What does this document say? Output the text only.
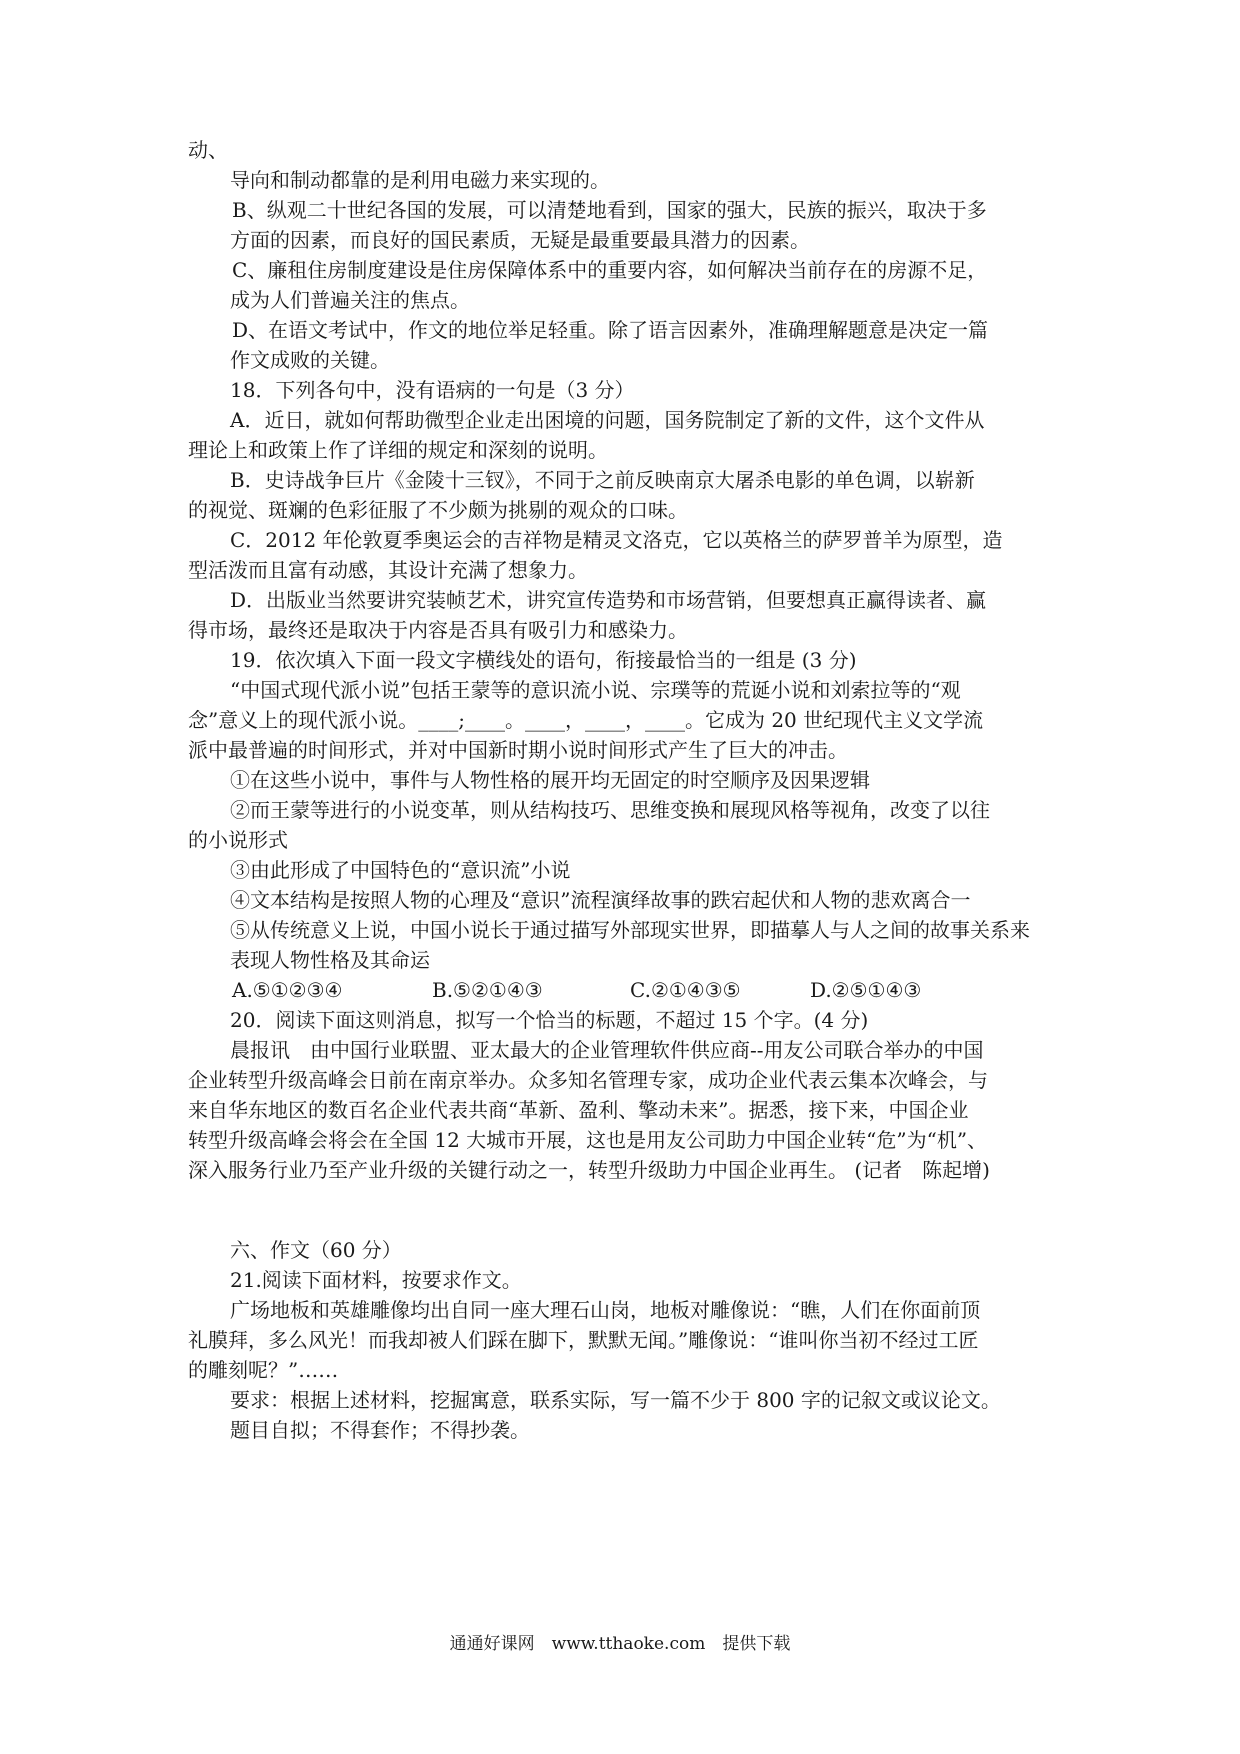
动、
导向和制动都靠的是利用电磁力来实现的。
B、纵观二十世纪各国的发展，可以清楚地看到，国家的强大，民族的振兴，取决于多
方面的因素，而良好的国民素质，无疑是最重要最具潜力的因素。
C、廉租住房制度建设是住房保障体系中的重要内容，如何解决当前存在的房源不足，
成为人们普遍关注的焦点。
D、在语文考试中，作文的地位举足轻重。除了语言因素外，准确理解题意是决定一篇
作文成败的关键。
18．下列各句中，没有语病的一句是（3 分）
A．近日，就如何帮助微型企业走出困境的问题，国务院制定了新的文件，这个文件从
理论上和政策上作了详细的规定和深刻的说明。
B．史诗战争巨片《金陵十三钗》，不同于之前反映南京大屠杀电影的单色调，以崭新
的视觉、斑斓的色彩征服了不少颇为挑剔的观众的口味。
C．2012 年伦敦夏季奥运会的吉祥物是精灵文洛克，它以英格兰的萨罗普羊为原型，造
型活泼而且富有动感，其设计充满了想象力。
D．出版业当然要讲究装帧艺术，讲究宣传造势和市场营销，但要想真正赢得读者、赢
得市场，最终还是取决于内容是否具有吸引力和感染力。
19．依次填入下面一段文字横线处的语句，衔接最恰当的一组是 (3 分)
“中国式现代派小说”包括王蒙等的意识流小说、宗璞等的荒诞小说和刘索拉等的“观
念”意义上的现代派小说。____;____。____，____，____。它成为 20 世纪现代主义文学流
派中最普遍的时间形式，并对中国新时期小说时间形式产生了巨大的冲击。
①在这些小说中，事件与人物性格的展开均无固定的时空顺序及因果逻辑
②而王蒙等进行的小说变革，则从结构技巧、思维变换和展现风格等视角，改变了以往
的小说形式
③由此形成了中国特色的“意识流”小说
④文本结构是按照人物的心理及“意识”流程演绎故事的跌宕起伏和人物的悲欢离合一
⑤从传统意义上说，中国小说长于通过描写外部现实世界，即描摹人与人之间的故事关系来
表现人物性格及其命运
A.⑤①②③④	B.⑤②①④③	C.②①④③⑤	D.②⑤①④③
20．阅读下面这则消息，拟写一个恰当的标题，不超过 15 个字。(4 分)
晨报讯　由中国行业联盟、亚太最大的企业管理软件供应商--用友公司联合举办的中国
企业转型升级高峰会日前在南京举办。众多知名管理专家，成功企业代表云集本次峰会，与
来自华东地区的数百名企业代表共商“革新、盈利、擎动未来”。据悉，接下来，中国企业
转型升级高峰会将会在全国 12 大城市开展，这也是用友公司助力中国企业转“危”为“机”、
深入服务行业乃至产业升级的关键行动之一，转型升级助力中国企业再生。 (记者　陈起增)
六、作文（60 分）
21.阅读下面材料，按要求作文。
广场地板和英雄雕像均出自同一座大理石山岗，地板对雕像说：“瞧，人们在你面前顶
礼膜拜，多么风光！而我却被人们踩在脚下，默默无闻。”雕像说：“谁叫你当初不经过工匠
的雕刻呢？”……
要求：根据上述材料，挖掘寓意，联系实际，写一篇不少于 800 字的记叙文或议论文。
题目自拟；不得套作；不得抄袭。
通通好课网　www.tthaoke.com　提供下载
